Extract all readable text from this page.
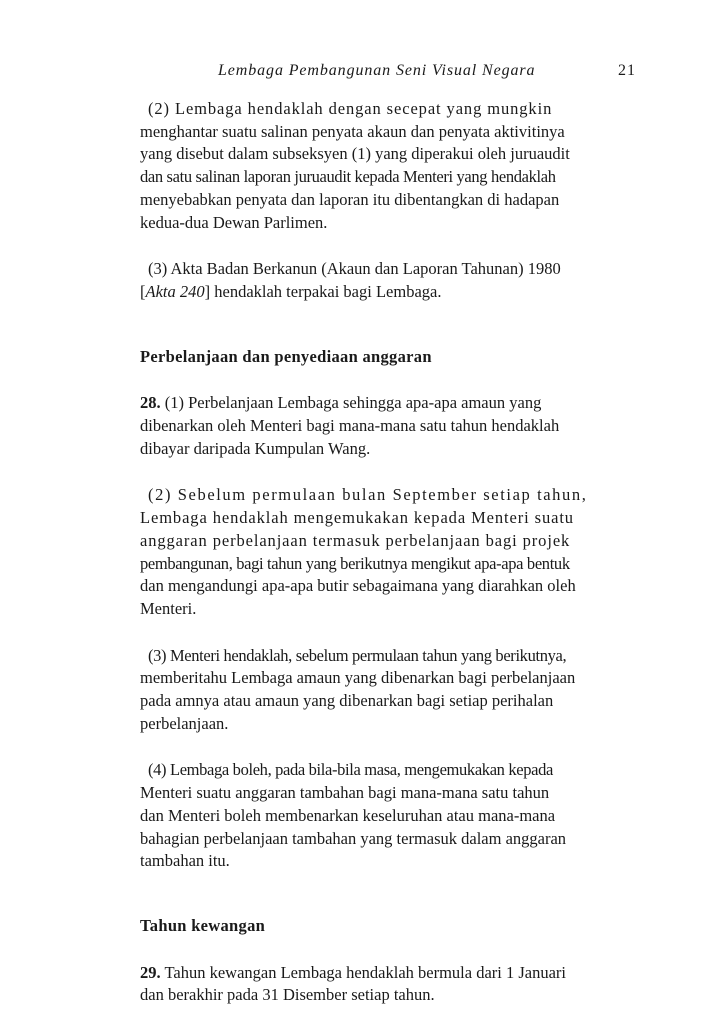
Lembaga Pembangunan Seni Visual Negara	21

(2) Lembaga hendaklah dengan secepat yang mungkin

menghantar suatu salinan penyata akaun dan penyata aktivitinya

yang disebut dalam subseksyen (1) yang diperakui oleh juruaudit

dan satu salinan laporan juruaudit kepada Menteri yang hendaklah

menyebabkan penyata dan laporan itu dibentangkan di hadapan

kedua-dua Dewan Parlimen.

(3) Akta Badan Berkanun (Akaun dan Laporan Tahunan) 1980

[Akta 240] hendaklah terpakai bagi Lembaga.

Perbelanjaan dan penyediaan anggaran

28. (1) Perbelanjaan Lembaga sehingga apa-apa amaun yang

dibenarkan oleh Menteri bagi mana-mana satu tahun hendaklah

dibayar daripada Kumpulan Wang.

(2) Sebelum permulaan bulan September setiap tahun,

Lembaga hendaklah mengemukakan kepada Menteri suatu

anggaran perbelanjaan termasuk perbelanjaan bagi projek

pembangunan, bagi tahun yang berikutnya mengikut apa-apa bentuk

dan mengandungi apa-apa butir sebagaimana yang diarahkan oleh

Menteri.

(3) Menteri hendaklah, sebelum permulaan tahun yang berikutnya,

memberitahu Lembaga amaun yang dibenarkan bagi perbelanjaan

pada amnya atau amaun yang dibenarkan bagi setiap perihalan

perbelanjaan.

(4) Lembaga boleh, pada bila-bila masa, mengemukakan kepada

Menteri suatu anggaran tambahan bagi mana-mana satu tahun

dan Menteri boleh membenarkan keseluruhan atau mana-mana

bahagian perbelanjaan tambahan yang termasuk dalam anggaran

tambahan itu.

Tahun kewangan

29. Tahun kewangan Lembaga hendaklah bermula dari 1 Januari

dan berakhir pada 31 Disember setiap tahun.
